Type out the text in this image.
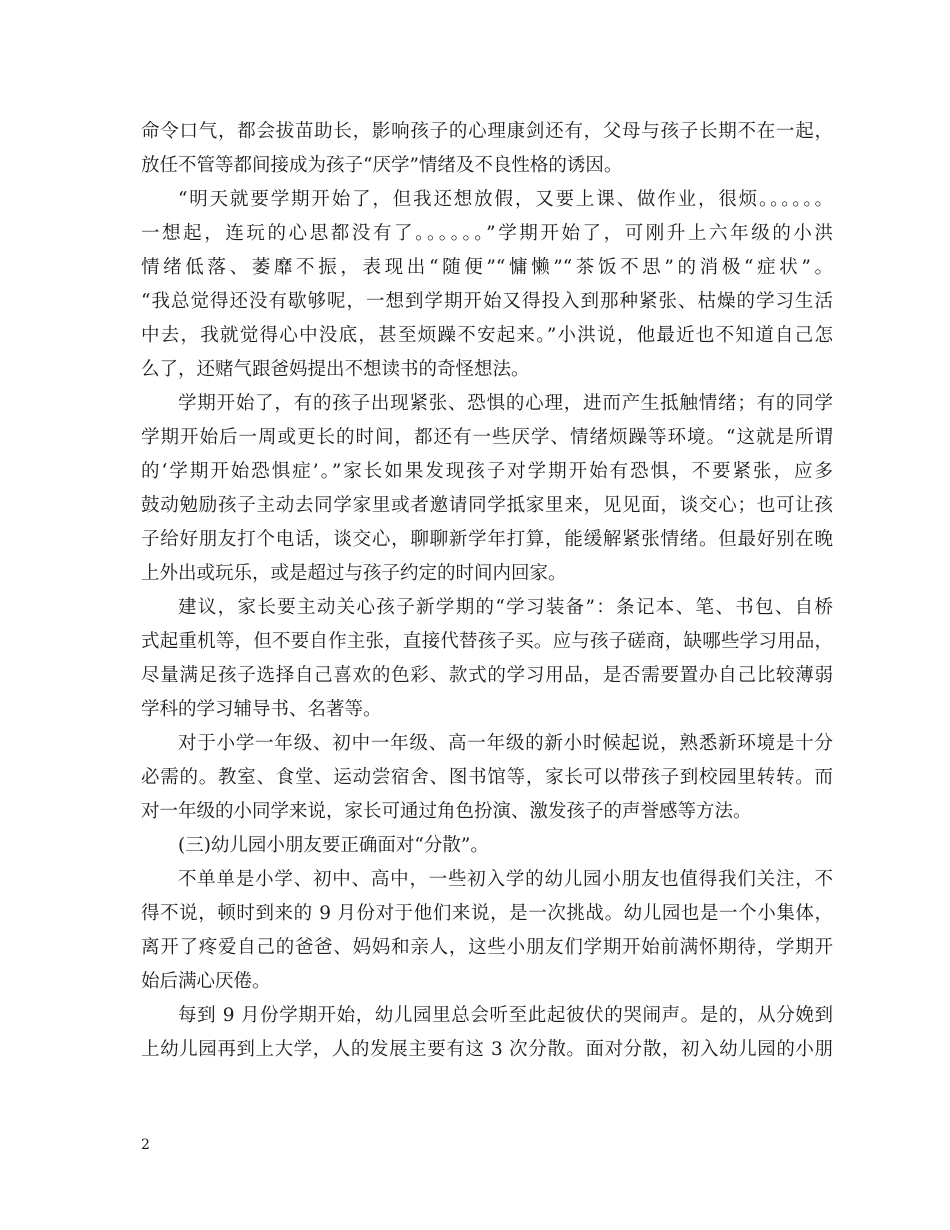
命令口气，都会拔苗助长，影响孩子的心理康剑还有，父母与孩子长期不在一起，
放任不管等都间接成为孩子“厌学”情绪及不良性格的诱因。
“明天就要学期开始了，但我还想放假，又要上课、做作业，很烦。。。。。。
一想起，连玩的心思都没有了。。。。。。”学期开始了，可刚升上六年级的小洪
情绪低落、萎靡不振，表现出“随便”“慵懒”“茶饭不思”的消极“症状”。
“我总觉得还没有歇够呢，一想到学期开始又得投入到那种紧张、枯燥的学习生活
中去，我就觉得心中没底，甚至烦躁不安起来。”小洪说，他最近也不知道自己怎
么了，还赌气跟爸妈提出不想读书的奇怪想法。
学期开始了，有的孩子出现紧张、恐惧的心理，进而产生抵触情绪；有的同学
学期开始后一周或更长的时间，都还有一些厌学、情绪烦躁等环境。“这就是所谓
的‘学期开始恐惧症’。”家长如果发现孩子对学期开始有恐惧，不要紧张，应多
鼓动勉励孩子主动去同学家里或者邀请同学抵家里来，见见面，谈交心；也可让孩
子给好朋友打个电话，谈交心，聊聊新学年打算，能缓解紧张情绪。但最好别在晚
上外出或玩乐，或是超过与孩子约定的时间内回家。
建议，家长要主动关心孩子新学期的“学习装备”：条记本、笔、书包、自桥
式起重机等，但不要自作主张，直接代替孩子买。应与孩子磋商，缺哪些学习用品，
尽量满足孩子选择自己喜欢的色彩、款式的学习用品，是否需要置办自己比较薄弱
学科的学习辅导书、名著等。
对于小学一年级、初中一年级、高一年级的新小时候起说，熟悉新环境是十分
必需的。教室、食堂、运动尝宿舍、图书馆等，家长可以带孩子到校园里转转。而
对一年级的小同学来说，家长可通过角色扮演、激发孩子的声誉感等方法。
(三)幼儿园小朋友要正确面对“分散”。
不单单是小学、初中、高中，一些初入学的幼儿园小朋友也值得我们关注，不
得不说，顿时到来的 9 月份对于他们来说，是一次挑战。幼儿园也是一个小集体，
离开了疼爱自己的爸爸、妈妈和亲人，这些小朋友们学期开始前满怀期待，学期开
始后满心厌倦。
每到 9 月份学期开始，幼儿园里总会听至此起彼伏的哭闹声。是的，从分娩到
上幼儿园再到上大学，人的发展主要有这 3 次分散。面对分散，初入幼儿园的小朋
2
